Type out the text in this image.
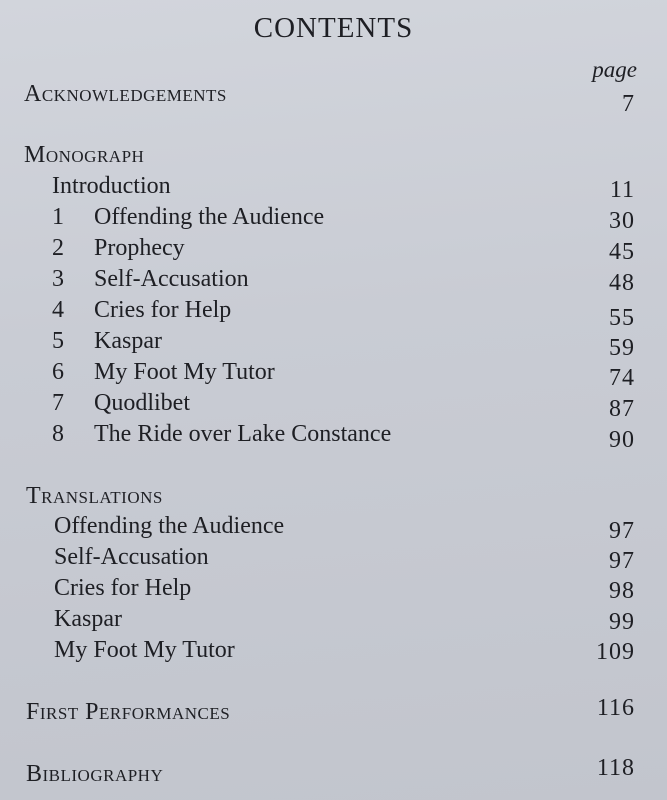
CONTENTS
page
Acknowledgements	7
Monograph
Introduction	11
1 Offending the Audience	30
2 Prophecy	45
3 Self-Accusation	48
4 Cries for Help	55
5 Kaspar	59
6 My Foot My Tutor	74
7 Quodlibet	87
8 The Ride over Lake Constance	90
Translations
Offending the Audience	97
Self-Accusation	97
Cries for Help	98
Kaspar	99
My Foot My Tutor	109
First Performances	116
Bibliography	118
